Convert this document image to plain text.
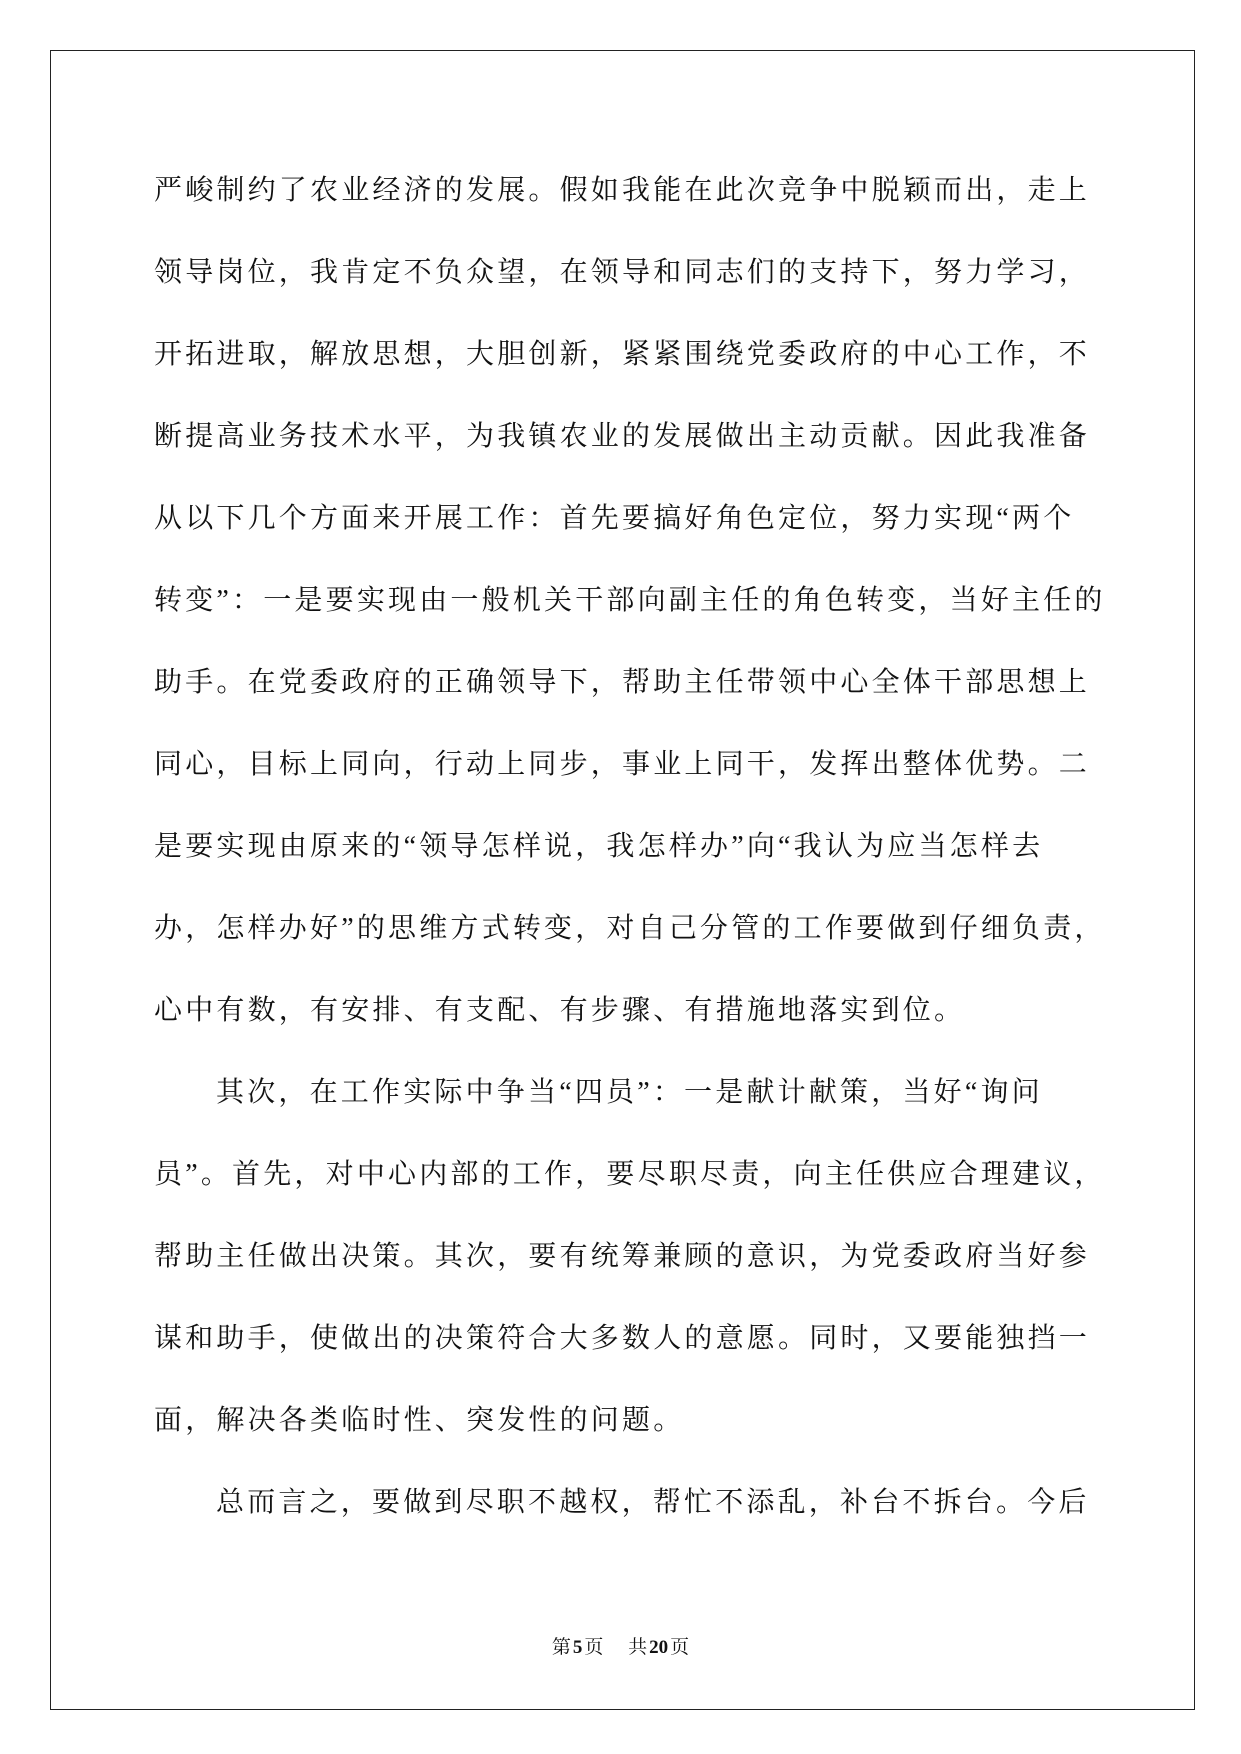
严峻制约了农业经济的发展。假如我能在此次竞争中脱颖而出，走上
领导岗位，我肯定不负众望，在领导和同志们的支持下，努力学习，
开拓进取，解放思想，大胆创新，紧紧围绕党委政府的中心工作，不
断提高业务技术水平，为我镇农业的发展做出主动贡献。因此我准备
从以下几个方面来开展工作：首先要搞好角色定位，努力实现“两个
转变”：一是要实现由一般机关干部向副主任的角色转变，当好主任的
助手。在党委政府的正确领导下，帮助主任带领中心全体干部思想上
同心，目标上同向，行动上同步，事业上同干，发挥出整体优势。二
是要实现由原来的“领导怎样说，我怎样办”向“我认为应当怎样去
办，怎样办好”的思维方式转变，对自己分管的工作要做到仔细负责，
心中有数，有安排、有支配、有步骤、有措施地落实到位。
其次，在工作实际中争当“四员”：一是献计献策，当好“询问
员”。首先，对中心内部的工作，要尽职尽责，向主任供应合理建议，
帮助主任做出决策。其次，要有统筹兼顾的意识，为党委政府当好参
谋和助手，使做出的决策符合大多数人的意愿。同时，又要能独挡一
面，解决各类临时性、突发性的问题。
总而言之，要做到尽职不越权，帮忙不添乱，补台不拆台。今后
第 5 页 共 20 页
